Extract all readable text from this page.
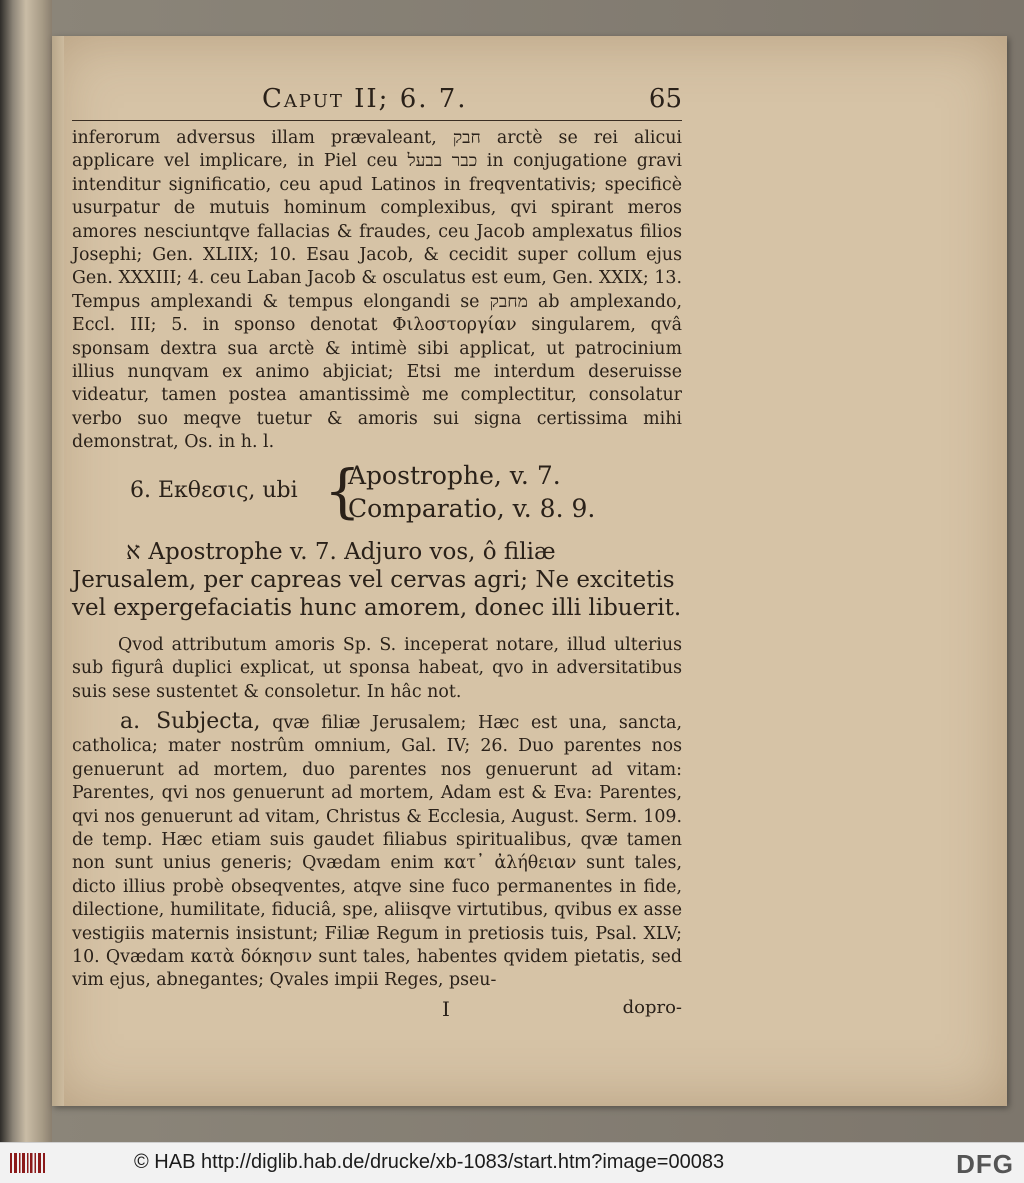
Caput II; 6. 7.	65

inferorum adversus illam prævaleant, חבק arctè se rei alicui applicare vel implicare, in Piel ceu כבר בבעל in conjugatione gravi intenditur significatio, ceu apud Latinos in freqventativis; specificè usurpatur de mutuis hominum complexibus, qvi spirant meros amores nesciuntqve fallacias & fraudes, ceu Jacob amplexatus filios Josephi; Gen. XLIIX; 10. Esau Jacob, & cecidit super collum ejus Gen. XXXIII; 4. ceu Laban Jacob & osculatus est eum, Gen. XXIX; 13. Tempus amplexandi & tempus elongandi se מחבק ab amplexando, Eccl. III; 5. in sponso denotat Φιλοστοργίαν singularem, qvâ sponsam dextra sua arctè & intimè sibi applicat, ut patrocinium illius nunqvam ex animo abjiciat; Etsi me interdum deseruisse videatur, tamen postea amantissimè me complectitur, consolatur verbo suo meqve tuetur & amoris sui signa certissima mihi demonstrat, Os. in h. l.

6. Εκθεσις, ubi {
Apostrophe, v. 7.
Comparatio, v. 8. 9.

א Apostrophe v. 7. Adjuro vos, ô filiæ Jerusalem, per capreas vel cervas agri; Ne excitetis vel expergefaciatis hunc amorem, donec illi libuerit.

Qvod attributum amoris Sp. S. inceperat notare, illud ulterius sub figurâ duplici explicat, ut sponsa habeat, qvo in adversitatibus suis sese sustentet & consoletur. In hâc not.

a. Subjecta, qvæ filiæ Jerusalem; Hæc est una, sancta, catholica; mater nostrûm omnium, Gal. IV; 26. Duo parentes nos genuerunt ad mortem, duo parentes nos genuerunt ad vitam: Parentes, qvi nos genuerunt ad mortem, Adam est & Eva: Parentes, qvi nos genuerunt ad vitam, Christus & Ecclesia, August. Serm. 109. de temp. Hæc etiam suis gaudet filiabus spiritualibus, qvæ tamen non sunt unius generis; Qvædam enim κατ᾽ ἀλήθειαν sunt tales, dicto illius probè obseqventes, atqve sine fuco permanentes in fide, dilectione, humilitate, fiduciâ, spe, aliisqve virtutibus, qvibus ex asse vestigiis maternis insistunt; Filiæ Regum in pretiosis tuis, Psal. XLV; 10. Qvædam κατὰ δόκησιν sunt tales, habentes qvidem pietatis, sed vim ejus, abnegantes; Qvales impii Reges, pseu-

I	dopro-
© HAB http://diglib.hab.de/drucke/xb-1083/start.htm?image=00083	DFG
